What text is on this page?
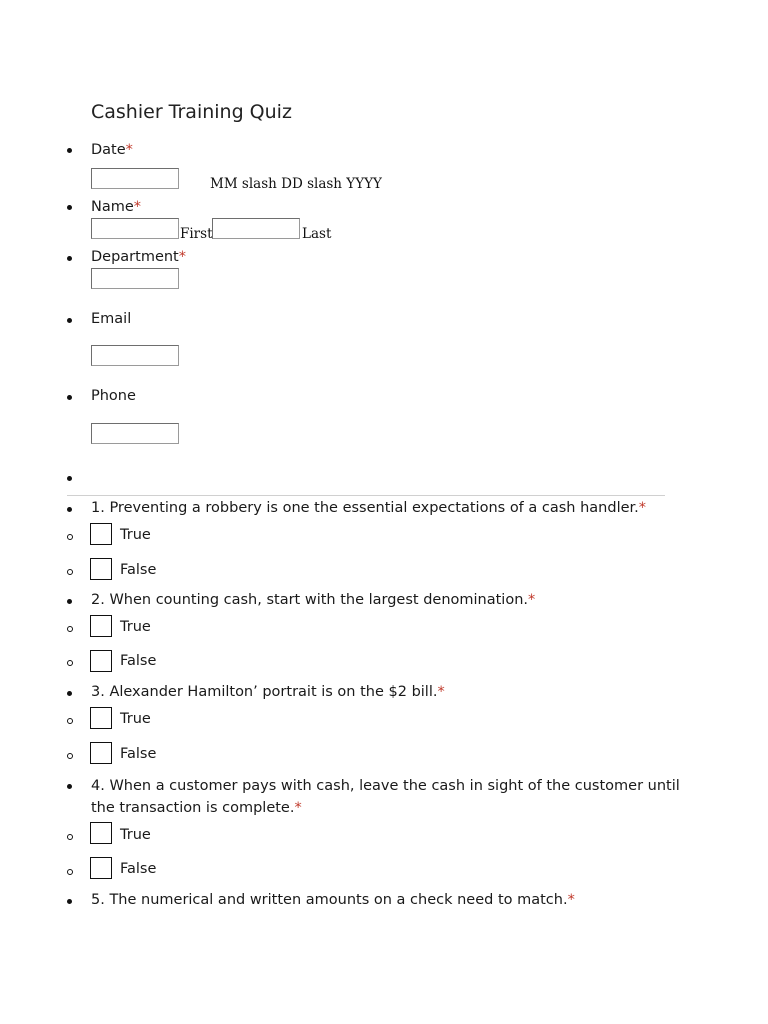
Cashier Training Quiz
Date*
MM slash DD slash YYYY
Name*
First	Last
Department*
Email
Phone
1. Preventing a robbery is one the essential expectations of a cash handler.*
True
False
2. When counting cash, start with the largest denomination.*
True
False
3. Alexander Hamilton’ portrait is on the $2 bill.*
True
False
4. When a customer pays with cash, leave the cash in sight of the customer until the transaction is complete.*
True
False
5. The numerical and written amounts on a check need to match.*
